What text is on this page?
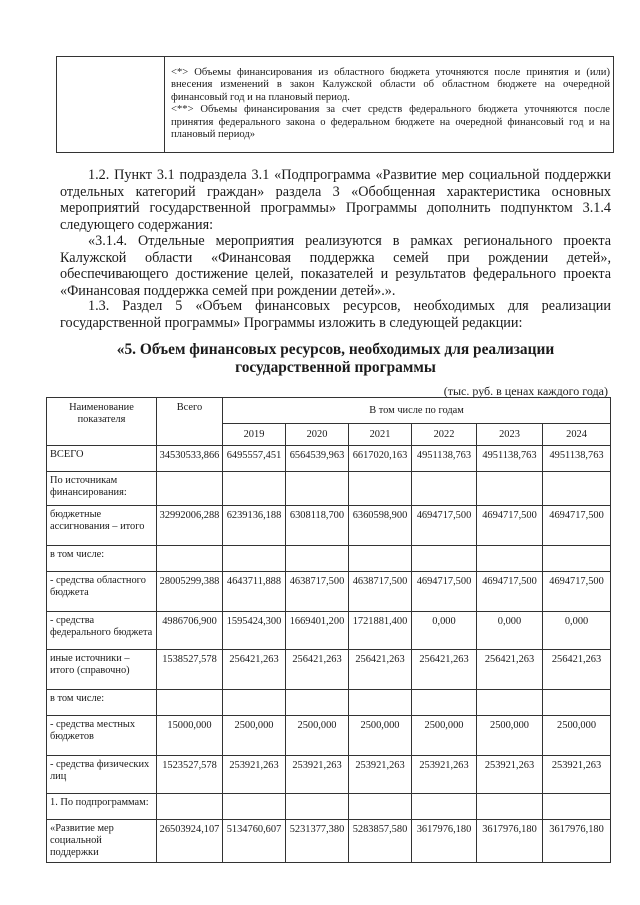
<*> Объемы финансирования из областного бюджета уточняются после принятия и (или) внесения изменений в закон Калужской области об областном бюджете на очередной финансовый год и на плановый период.

<**> Объемы финансирования за счет средств федерального бюджета уточняются после принятия федерального закона о федеральном бюджете на очередной финансовый год и на плановый период»

1.2. Пункт 3.1 подраздела 3.1 «Подпрограмма «Развитие мер социальной поддержки отдельных категорий граждан» раздела 3 «Обобщенная характеристика основных мероприятий государственной программы» Программы дополнить подпунктом 3.1.4 следующего содержания:

«3.1.4. Отдельные мероприятия реализуются в рамках регионального проекта Калужской области «Финансовая поддержка семей при рождении детей», обеспечивающего достижение целей, показателей и результатов федерального проекта «Финансовая поддержка семей при рождении детей».».

1.3. Раздел 5 «Объем финансовых ресурсов, необходимых для реализации государственной программы» Программы изложить в следующей редакции:

«5. Объем финансовых ресурсов, необходимых для реализации государственной программы

(тыс. руб. в ценах каждого года)

Наименование показателя	Всего	В том числе по годам					
		2019	2020	2021	2022	2023	2024
ВСЕГО	34530533,866	6495557,451	6564539,963	6617020,163	4951138,763	4951138,763	4951138,763
По источникам финансирования:							
бюджетные ассигнования – итого	32992006,288	6239136,188	6308118,700	6360598,900	4694717,500	4694717,500	4694717,500
в том числе:							
- средства областного бюджета	28005299,388	4643711,888	4638717,500	4638717,500	4694717,500	4694717,500	4694717,500
- средства федерального бюджета	4986706,900	1595424,300	1669401,200	1721881,400	0,000	0,000	0,000
иные источники – итого (справочно)	1538527,578	256421,263	256421,263	256421,263	256421,263	256421,263	256421,263
в том числе:							
- средства местных бюджетов	15000,000	2500,000	2500,000	2500,000	2500,000	2500,000	2500,000
- средства физических лиц	1523527,578	253921,263	253921,263	253921,263	253921,263	253921,263	253921,263
1. По подпрограммам:							
«Развитие мер социальной поддержки	26503924,107	5134760,607	5231377,380	5283857,580	3617976,180	3617976,180	3617976,180
